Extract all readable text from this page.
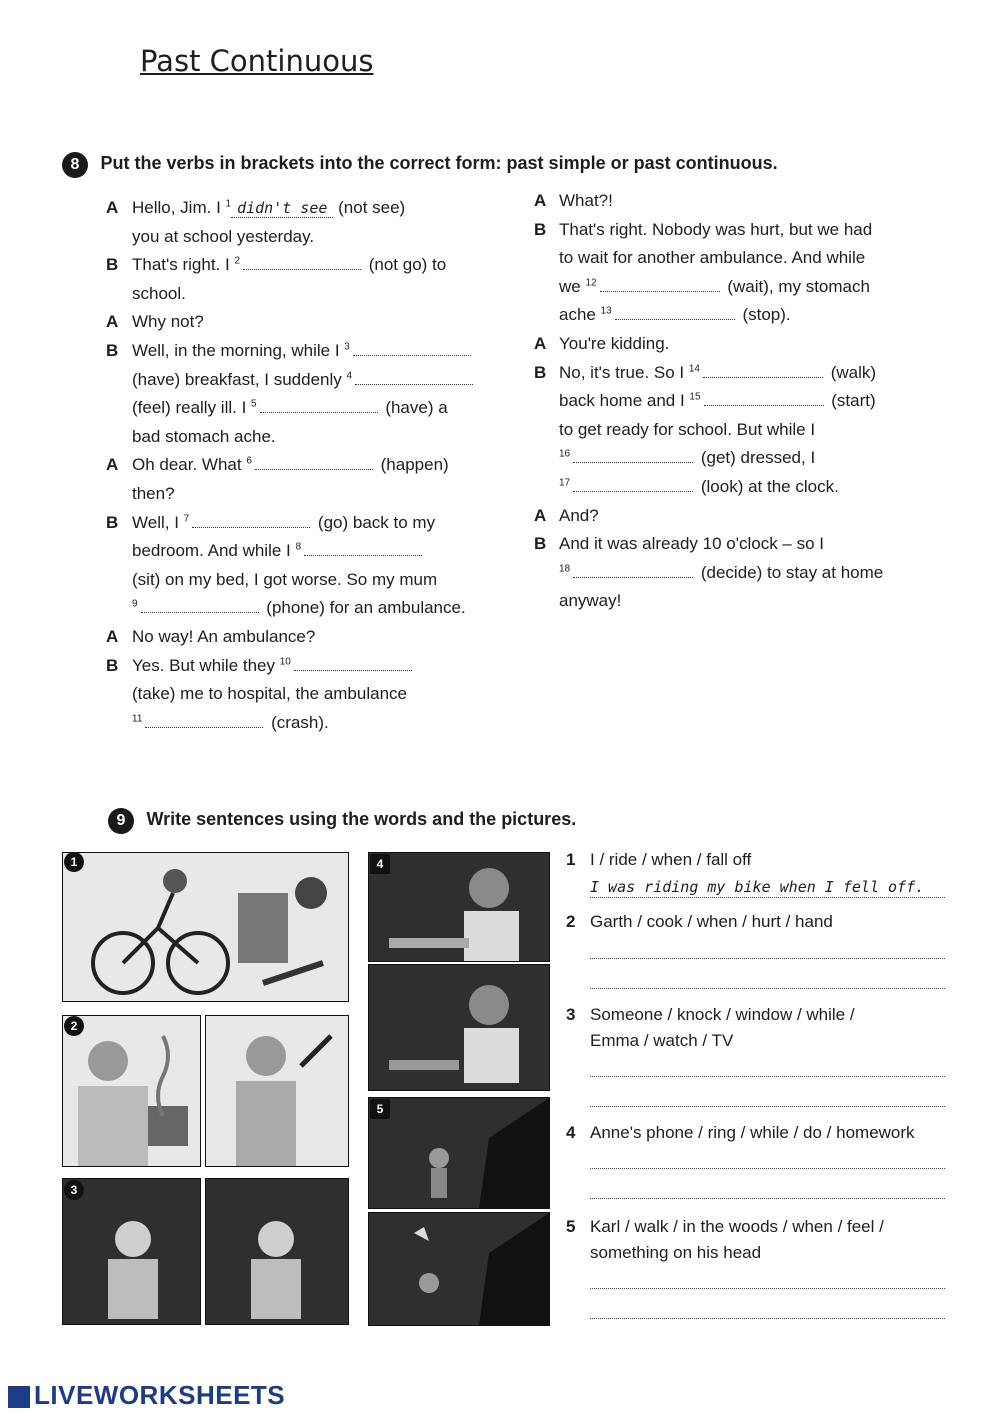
Past Continuous
8 Put the verbs in brackets into the correct form: past simple or past continuous.
A Hello, Jim. I $^1$ didn't see (not see)
you at school yesterday.
B That's right. I $^2$	(not go) to
school.
A Why not?
B Well, in the morning, while I $^3$
(have) breakfast, I suddenly $^4$
(feel) really ill. I $^5$	(have) a
bad stomach ache.
A Oh dear. What $^6$	(happen)
then?
B Well, I $^7$	(go) back to my
bedroom. And while I $^8$
(sit) on my bed, I got worse. So my mum
$^9$	(phone) for an ambulance.
A No way! An ambulance?
B Yes. But while they $^{10}$
(take) me to hospital, the ambulance
$^{11}$	(crash).
A What?!
B That's right. Nobody was hurt, but we had
to wait for another ambulance. And while
we $^{12}$	(wait), my stomach
ache $^{13}$	(stop).
A You're kidding.
B No, it's true. So I $^{14}$	(walk)
back home and I $^{15}$	(start)
to get ready for school. But while I
$^{16}$	(get) dressed, I
$^{17}$	(look) at the clock.
A And?
B And it was already 10 o'clock – so I
$^{18}$	(decide) to stay at home
anyway!
9 Write sentences using the words and the pictures.
1
2
3
4
5
1 I / ride / when / fall off
I was riding my bike when I fell off.
2 Garth / cook / when / hurt / hand
3 Someone / knock / window / while /
Emma / watch / TV
4 Anne's phone / ring / while / do / homework
5 Karl / walk / in the woods / when / feel /
something on his head
LIVEWORKSHEETS
